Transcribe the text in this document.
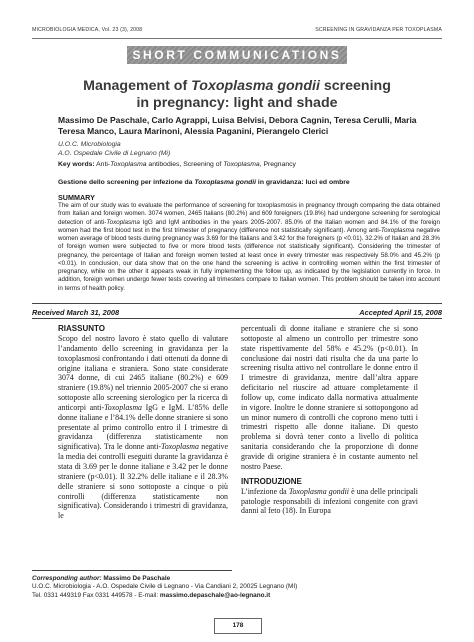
MICROBIOLOGIA MEDICA, Vol. 23 (3), 2008	SCREENING IN GRAVIDANZA PER TOXOPLASMA
SHORT COMMUNICATIONS
Management of Toxoplasma gondii screening
in pregnancy: light and shade
Massimo De Paschale, Carlo Agrappi, Luisa Belvisi, Debora Cagnin, Teresa Cerulli, Maria Teresa Manco, Laura Marinoni, Alessia Paganini, Pierangelo Clerici
U.O.C. Microbiologia
A.O. Ospedale Civile di Legnano (Mi)
Key words: Anti-Toxoplasma antibodies, Screening of Toxoplasma, Pregnancy
Gestione dello screening per infezione da Toxoplasma gondii in gravidanza: luci ed ombre
SUMMARY
The aim of our study was to evaluate the performance of screening for toxoplasmosis in pregnancy through comparing the data obtained from Italian and foreign women. 3074 women, 2465 Italians (80.2%) and 609 foreigners (19.8%) had undergone screening for serological detection of anti-Toxoplasma IgG and IgM antibodies in the years 2005-2007. 85.0% of the Italian women and 84.1% of the foreign women had the first blood test in the first trimester of pregnancy (difference not statistically significant). Among anti-Toxoplasma negative women average of blood tests during pregnancy was 3.69 for the Italians and 3.42 for the foreigners (p <0.01). 32.2% of Italian and 28.3% of foreign women were subjected to five or more blood tests (difference not statistically significant). Considering the trimester of pregnancy, the percentage of Italian and foreign women tested at least once in every trimester was respectively 58.0% and 45.2% (p <0.01). In conclusion, our data show that on the one hand the screening is active in controlling women within the first trimester of pregnancy, while on the other it appears weak in fully implementing the follow up, as indicated by the legislation currently in force. In addition, foreign women undergo fewer tests covering all trimesters compare to Italian women. This problem should be taken into account in terms of health policy.
Received March 31, 2008	Accepted April 15, 2008

RIASSUNTO

Scopo del nostro lavoro è stato quello di valutare l’andamento dello screening in gravidanza per la toxoplasmosi confrontando i dati ottenuti da donne di origine italiana e straniera. Sono state considerate 3074 donne, di cui 2465 italiane (80.2%) e 609 straniere (19.8%) nel triennio 2005-2007 che si erano sottoposte allo screening sierologico per la ricerca di anticorpi anti-Toxoplasma IgG e IgM. L’85% delle donne italiane e l’84.1% delle donne straniere si sono presentate al primo controllo entro il I trimestre di gravidanza (differenza statisticamente non significativa). Tra le donne anti-Toxoplasma negative la media dei controlli eseguiti durante la gravidanza è stata di 3.69 per le donne italiane e 3.42 per le donne straniere (p<0.01). Il 32.2% delle italiane e il 28.3% delle straniere si sono sottoposte a cinque o più controlli (differenza statisticamente non significativa). Considerando i trimestri di gravidanza, le

percentuali di donne italiane e straniere che si sono sottoposte al almeno un controllo per trimestre sono state rispettivamente del 58% e 45.2% (p<0.01). In conclusione dai nostri dati risulta che da una parte lo screening risulta attivo nel controllare le donne entro il I trimestre di gravidanza, mentre dall’altra appare deficitario nel riuscire ad attuare completamente il follow up, come indicato dalla normativa attualmente in vigore. Inoltre le donne straniere si sottopongono ad un minor numero di controlli che coprono meno tutti i trimestri rispetto alle donne italiane. Di questo problema si dovrà tener conto a livello di politica sanitaria considerando che la proporzione di donne gravide di origine straniera è in costante aumento nel nostro Paese.

INTRODUZIONE

L’infezione da Toxoplasma gondii è una delle principali patologie responsabili di infezioni congenite con gravi danni al feto (18). In Europa

Corresponding author: Massimo De Paschale
U.O.C. Microbiologia - A.O. Ospedale Civile di Legnano - Via Candiani 2, 20025 Legnano (MI)
Tel. 0331 449319 Fax 0331 449578 - E-mail: massimo.depaschale@ao-legnano.it
178
